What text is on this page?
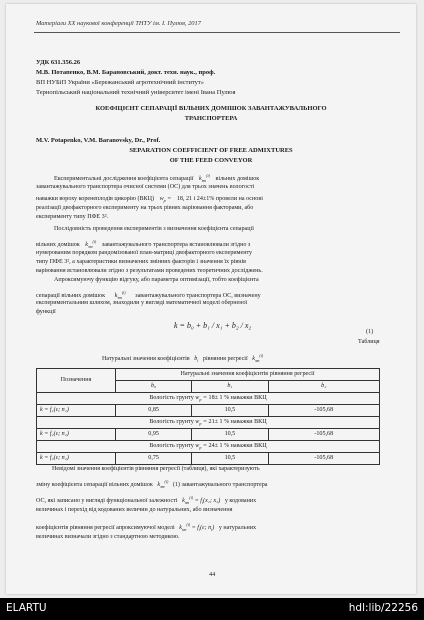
Матеріали XX наукової конференції ТНТУ ім. І. Пулюя, 2017
УДК 631.356.26
М.В. Потапенко, В.М. Барановський, докт. техн. наук., проф.
ВП НУБіП України «Бережанський агротехнічний інститут»
Тернопільський національний технічний університет імені Івана Пулюя
КОЕФІЦІЄНТ СЕПАРАЦІЇ ВІЛЬНИХ ДОМІШОК ЗАВАНТАЖУВАЛЬНОГО
ТРАНСПОРТЕРА
M.V. Potapenko, V.M. Baranovsky, Dr., Prof.
SEPARATION COEFFICIENT OF FREE ADMIXTURES
OF THE FEED CONVEYOR
Експериментальні дослідження коефіцієнта сепарації $k_{зт}^{(i)}$ вільних домішок
завантажувального транспортера очисної системи (ОС) для трьох значень вологості
наважки вороху коренеплодів цикорію (ВКЦ) $w_p = 18$, 21 і 24±1% провели на основі
реалізації двофакторного експерименту на трьох рівнях варіювання факторами, або
експерименту типу ПФЕ 3².
Послідовність проведення експериментів з визначення коефіцієнта сепарації
вільних домішок $k_{зт}^{(i)}$ завантажувального транспортера встановлювали згідно з
нумерованим порядком рандомізованої план-матриці двофакторного експерименту
типу ПФЕ 3², а характеристики визначених змінних факторів і значення їх рівнів
варіювання встановлювали згідно з результатами проведених теоретичних досліджень.
Апроксимуючу функцію відгуку, або параметра оптимізації, тобто коефіцієнта
сепарації вільних домішок $k_{зт}^{(i)}$ завантажувального транспортера ОС, визначену
експериментальним шляхом, знаходили у вигляді математичної моделі оберненої
функції
k = b₀ + b₁ / x₁ + b₂ / x₂
(1)
Таблиця
Натуральні значення коефіцієнтів $b_i$ рівняння регресії $k_{зт}^{(i)}$
Позначення	Натуральні значення коефіцієнтів рівняння регресії		
	b₀	b₁	b₂
Вологість грунту $w_p = 18\pm 1$ % наважки ВКЦ			
k = f₁(ε; n₁)	0,85	10,5	-105,68
Вологість грунту $w_p = 21\pm 1$ % наважки ВКЦ			
k = f₂(ε; n₂)	0,95	10,5	-105,68
Вологість грунту $w_p = 24\pm 1$ % наважки ВКЦ			
k = f₃(ε; n₂)	0,75	10,5	-105,68
Невідомі значення коефіцієнтів рівняння регресії (таблиця), які характеризують
зміну коефіцієнта сепарації вільних домішок $k_{зт}^{(i)}$ (1) завантажувального транспортера
ОС, які записано у вигляді функціональної залежності $k_{зт}^{(i)} = f_i(x_1$; x₂) у кодованих
величинах і перехід від кодованих величин до натуральних, або визначення
коефіцієнтів рівняння регресії апроксимуючої моделі $k_{зт}^{(i)} = f_i(\varepsilon$; $n_i$) у натуральних
величинах визначали згідно з стандартною методикою.
44
ELARTU	hdl:lib/22256
